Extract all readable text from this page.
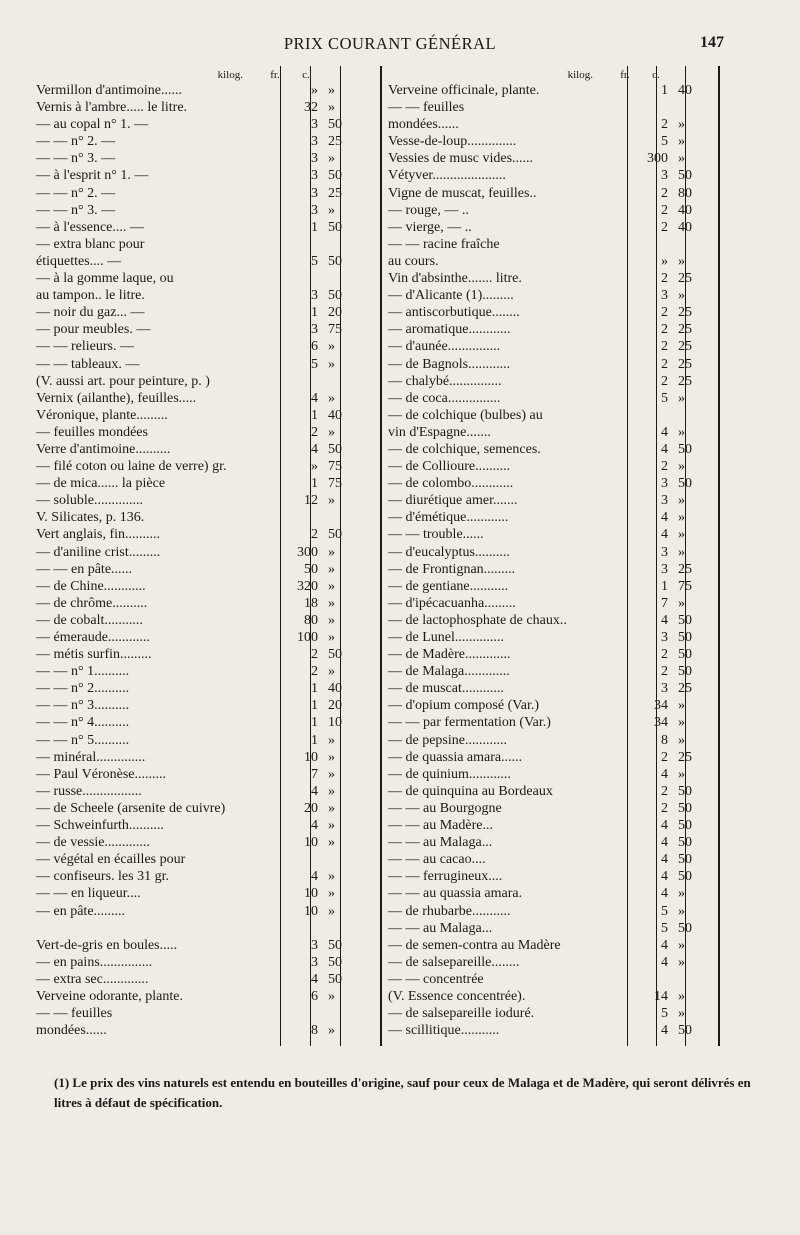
PRIX COURANT GÉNÉRAL	147
kilog.	fr.	c.
Vermillon d'antimoine......	» »
Vernis à l'ambre..... le litre.	32 »
— au copal n° 1. —	3 50
— — n° 2. —	3 25
— — n° 3. —	3 »
— à l'esprit n° 1. —	3 50
— — n° 2. —	3 25
— — n° 3. —	3 »
— à l'essence.... —	1 50
— extra blanc pour
étiquettes.... —	5 50
— à la gomme laque, ou
au tampon.. le litre.	3 50
— noir du gaz... —	1 20
— pour meubles. —	3 75
— — relieurs. —	6 »
— — tableaux. —	5 »
(V. aussi art. pour peinture, p. )
Vernix (ailanthe), feuilles.....	4 »
Véronique, plante.........	1 40
— feuilles mondées	2 »
Verre d'antimoine..........	4 50
— filé coton ou laine de verre) gr.	» 75
— de mica...... la pièce	1 75
— soluble..............	12 »
V. Silicates, p. 136.
Vert anglais, fin..........	2 50
— d'aniline crist.........	300 »
— — en pâte......	50 »
— de Chine............	320 »
— de chrôme..........	18 »
— de cobalt...........	80 »
— émeraude............	100 »
— métis surfin.........	2 50
— — n° 1..........	2 »
— — n° 2..........	1 40
— — n° 3..........	1 20
— — n° 4..........	1 10
— — n° 5..........	1 »
— minéral..............	10 »
— Paul Véronèse.........	7 »
— russe.................	4 »
— de Scheele (arsenite de cuivre)	20 »
— Schweinfurth..........	4 »
— de vessie.............	10 »
— végétal en écailles pour
— confiseurs. les 31 gr.	4 »
— — en liqueur....	10 »
— en pâte.........	10 »
Vert-de-gris en boules.....	3 50
— en pains...............	3 50
— extra sec.............	4 50
Verveine odorante, plante.	6 »
— — feuilles
mondées......	8 »
kilog.	fr.	c.
Verveine officinale, plante.	1 40
— — feuilles
mondées......	2 »
Vesse-de-loup..............	5 »
Vessies de musc vides......	300 »
Vétyver.....................	3 50
Vigne de muscat, feuilles..	2 80
— rouge, — ..	2 40
— vierge, — ..	2 40
— — racine fraîche
au cours.	» »
Vin d'absinthe....... litre.	2 25
— d'Alicante (1).........	3 »
— antiscorbutique........	2 25
— aromatique............	2 25
— d'aunée...............	2 25
— de Bagnols............	2 25
— chalybé...............	2 25
— de coca...............	5 »
— de colchique (bulbes) au
vin d'Espagne.......	4 »
— de colchique, semences.	4 50
— de Collioure..........	2 »
— de colombo............	3 50
— diurétique amer.......	3 »
— d'émétique............	4 »
— — trouble......	4 »
— d'eucalyptus..........	3 »
— de Frontignan.........	3 25
— de gentiane...........	1 75
— d'ipécacuanha.........	7 »
— de lactophosphate de chaux..	4 50
— de Lunel..............	3 50
— de Madère.............	2 50
— de Malaga.............	2 50
— de muscat............	3 25
— d'opium composé (Var.)	34 »
— — par fermentation (Var.)	34 »
— de pepsine............	8 »
— de quassia amara......	2 25
— de quinium............	4 »
— de quinquina au Bordeaux	2 50
— — au Bourgogne	2 50
— — au Madère...	4 50
— — au Malaga...	4 50
— — au cacao....	4 50
— — ferrugineux....	4 50
— — au quassia amara.	4 »
— de rhubarbe...........	5 »
— — au Malaga...	5 50
— de semen-contra au Madère	4 »
— de salsepareille........	4 »
— — concentrée
(V. Essence concentrée).	14 »
— de salsepareille ioduré.	5 »
— scillitique...........	4 50
(1) Le prix des vins naturels est entendu en bouteilles d'origine, sauf pour ceux de Malaga et de Madère, qui seront délivrés en litres à défaut de spécification.
